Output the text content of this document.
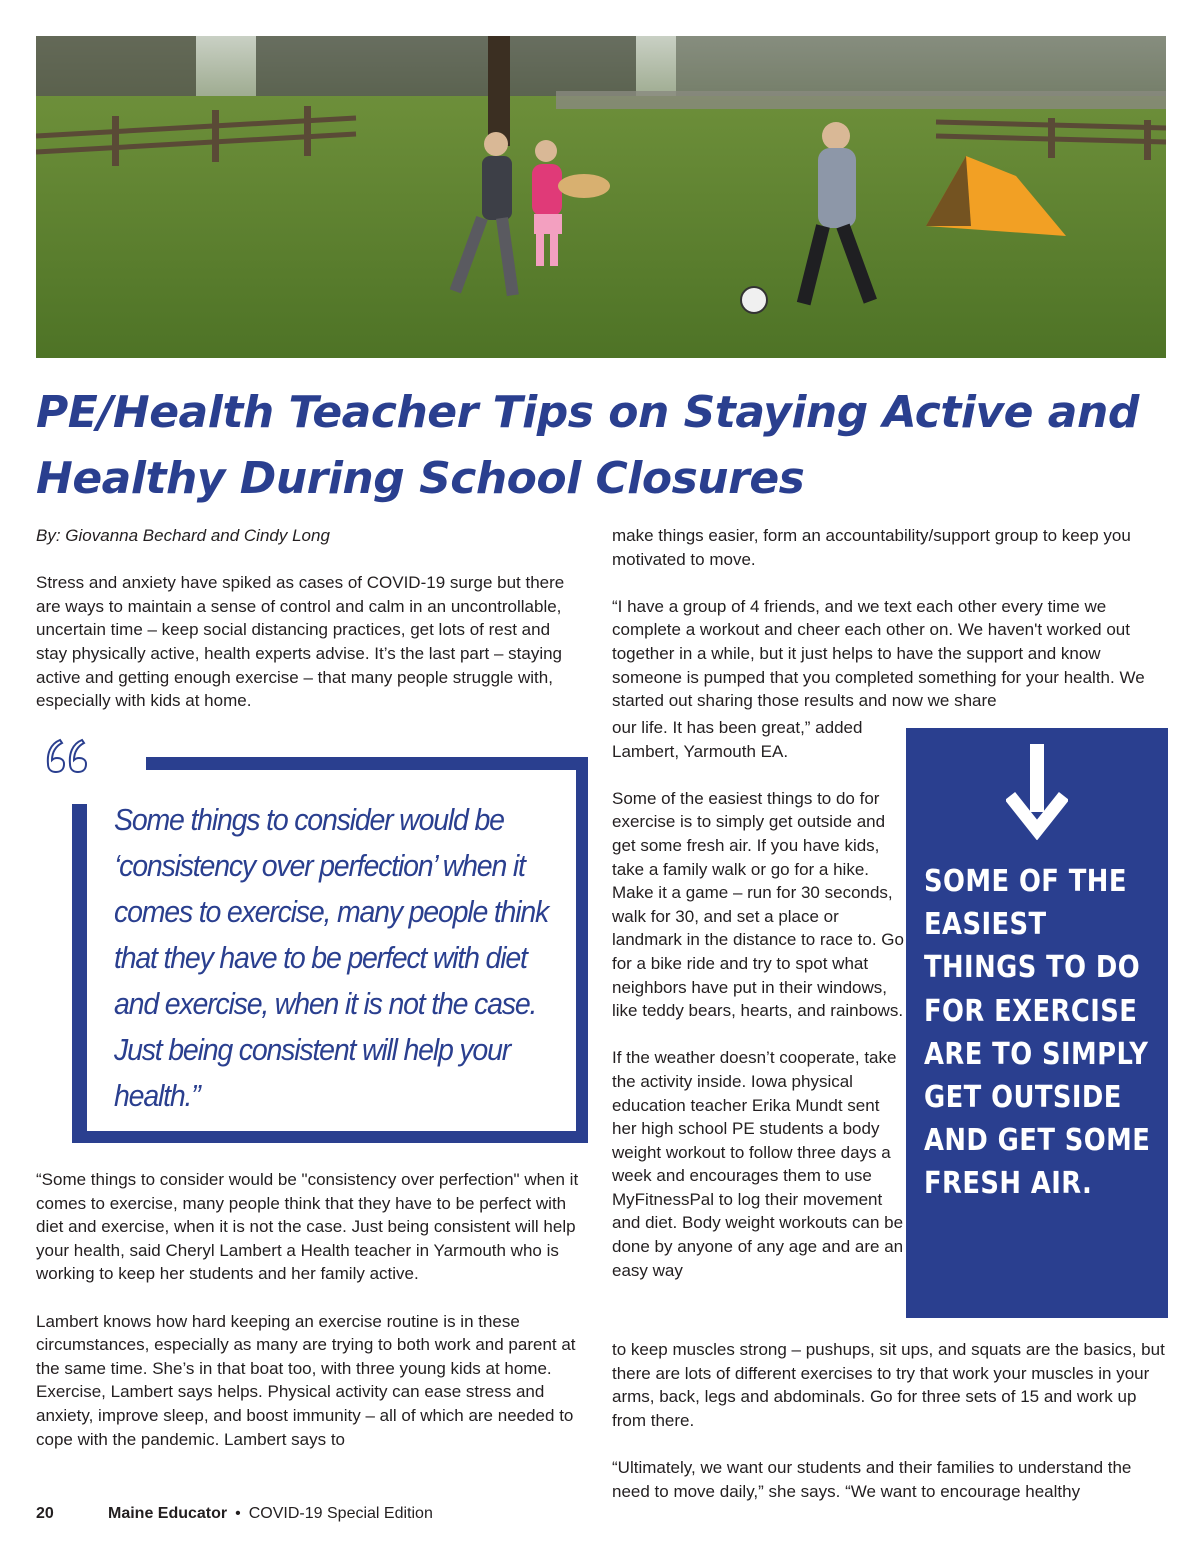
PE/Health Teacher Tips on Staying Active and
Healthy During School Closures

By: Giovanna Bechard and Cindy Long

Stress and anxiety have spiked as cases of COVID-19 surge but there are ways to maintain a sense of control and calm in an uncontrollable, uncertain time – keep social distancing practices, get lots of rest and stay physically active, health experts advise. It’s the last part – staying active and getting enough exercise – that many people struggle with, especially with kids at home.

Some things to consider would be ‘consistency over perfection’ when it comes to exercise, many people think that they have to be perfect with diet and exercise, when it is not the case. Just being consistent will help your health.”

“Some things to consider would be "consistency over perfection" when it comes to exercise, many people think that they have to be perfect with diet and exercise, when it is not the case. Just being consistent will help your health, said Cheryl Lambert a Health teacher in Yarmouth who is working to keep her students and her family active.

Lambert knows how hard keeping an exercise routine is in these circumstances, especially as many are trying to both work and parent at the same time. She’s in that boat too, with three young kids at home. Exercise, Lambert says helps. Physical activity can ease stress and anxiety, improve sleep, and boost immunity – all of which are needed to cope with the pandemic. Lambert says to

make things easier, form an accountability/support group to keep you motivated to move.

“I have a group of 4 friends, and we text each other every time we complete a workout and cheer each other on. We haven't worked out together in a while, but it just helps to have the support and know someone is pumped that you completed something for your health. We started out sharing those results and now we share

our life. It has been great,” added Lambert, Yarmouth EA.

Some of the easiest things to do for exercise is to simply get outside and get some fresh air. If you have kids, take a family walk or go for a hike. Make it a game – run for 30 seconds, walk for 30, and set a place or landmark in the distance to race to. Go for a bike ride and try to spot what neighbors have put in their windows, like teddy bears, hearts, and rainbows.

If the weather doesn’t cooperate, take the activity inside. Iowa physical education teacher Erika Mundt sent her high school PE students a body weight workout to follow three days a week and encourages them to use MyFitnessPal to log their movement and diet. Body weight workouts can be done by anyone of any age and are an easy way

to keep muscles strong – pushups, sit ups, and squats are the basics, but there are lots of different exercises to try that work your muscles in your arms, back, legs and abdominals. Go for three sets of 15 and work up from there.

“Ultimately, we want our students and their families to understand the need to move daily,” she says. “We want to encourage healthy

SOME OF THE EASIEST THINGS TO DO FOR EXERCISE ARE TO SIMPLY GET OUTSIDE AND GET SOME FRESH AIR.
20	Maine Educator • COVID-19 Special Edition
